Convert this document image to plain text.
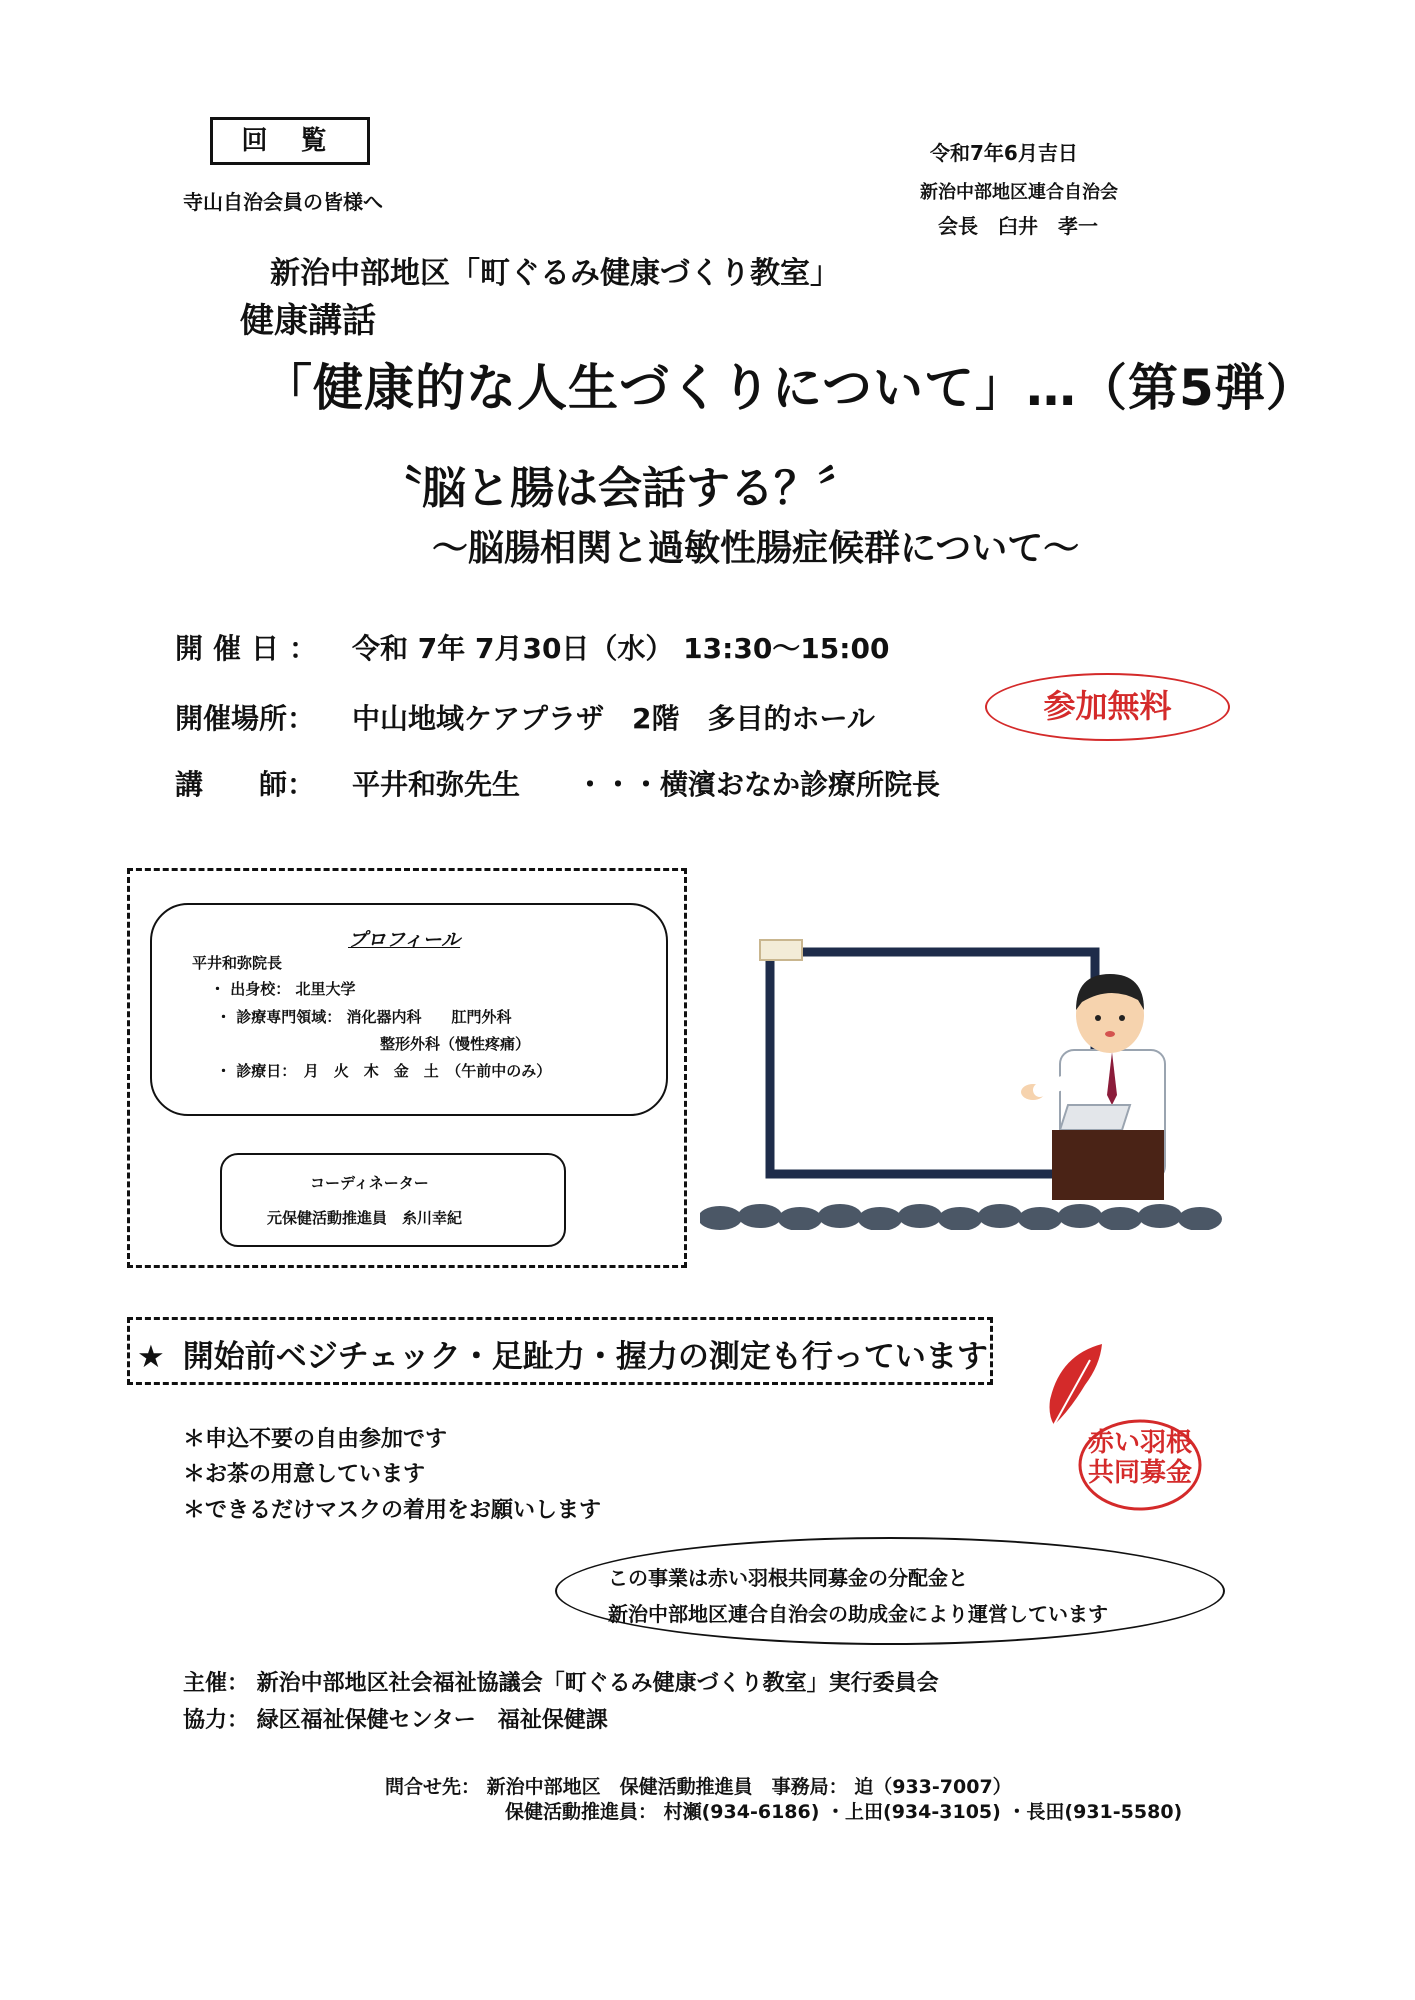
回 覧
寺山自治会員の皆様へ
令和7年6月吉日
新治中部地区連合自治会
会長　臼井　孝一
新治中部地区「町ぐるみ健康づくり教室」
健康講話
「健康的な人生づくりについて」…（第5弾）
〝脳と腸は会話する？〞
～脳腸相関と過敏性腸症候群について～
開催日： 令和 7年 7月30日（水） 13:30～15:00
開催場所： 中山地域ケアプラザ　2階　多目的ホール
講　　師： 平井和弥先生　　・・・横濱おなか診療所院長
参加無料
プロフィール
平井和弥院長
・ 出身校： 北里大学
・ 診療専門領域： 消化器内科　　肛門外科
整形外科（慢性疼痛）
・ 診療日：　月　火　木　金　土　（午前中のみ）
コーディネーター
元保健活動推進員　糸川幸紀
★ 開始前ベジチェック・足趾力・握力の測定も行っています
＊申込不要の自由参加です
＊お茶の用意しています
＊できるだけマスクの着用をお願いします
赤い羽根 共同募金
この事業は赤い羽根共同募金の分配金と
新治中部地区連合自治会の助成金により運営しています
主催： 新治中部地区社会福祉協議会「町ぐるみ健康づくり教室」実行委員会
協力： 緑区福祉保健センター　福祉保健課
問合せ先： 新治中部地区　保健活動推進員　事務局： 迫（933-7007）
保健活動推進員： 村瀬(934-6186) ・上田(934-3105) ・長田(931-5580)
